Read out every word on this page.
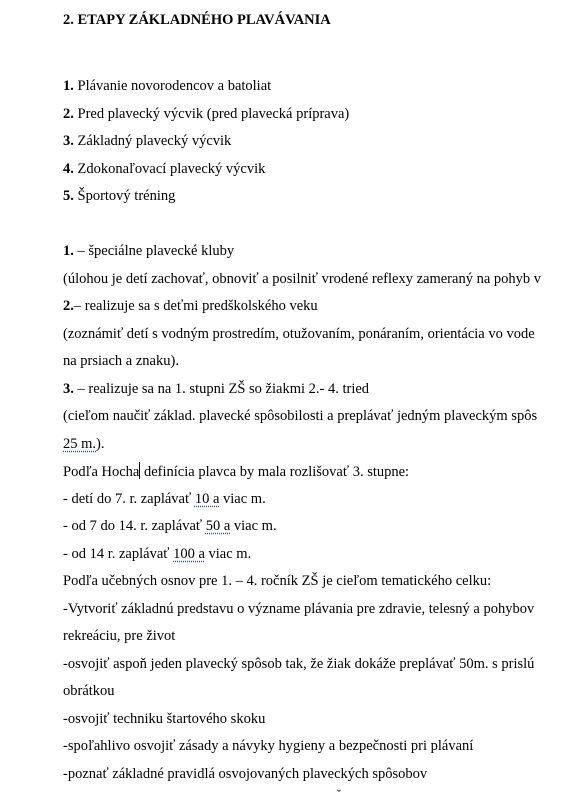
2. ETAPY ZÁKLADNÉHO PLAVÁVANIA
1. Plávanie novorodencov a batoliat
2. Pred plavecký výcvik (pred plavecká príprava)
3. Základný plavecký výcvik
4. Zdokonaľovací plavecký výcvik
5. Športový tréning
1. – špeciálne plavecké kluby
(úlohou je detí zachovať, obnoviť a posilniť vrodené reflexy zameraný na pohyb v
2.– realizuje sa s deťmi predškolského veku
(zoznámiť detí s vodným prostredím, otužovaním, ponáraním, orientácia vo vode
na prsiach a znaku).
3. – realizuje sa na 1. stupni ZŠ so žiakmi 2.- 4. tried
(cieľom naučiť základ. plavecké spôsobilosti a preplávať jedným plaveckým spôs
25 m.).
Podľa Hocha definícia plavca by mala rozlišovať 3. stupne:
- detí do 7. r. zaplávať 10 a viac m.
- od 7 do 14. r. zaplávať 50 a viac m.
- od 14 r. zaplávať 100 a viac m.
Podľa učebných osnov pre 1. – 4. ročník ZŠ je cieľom tematického celku:
-Vytvoriť základnú predstavu o význame plávania pre zdravie, telesný a pohybov
rekreáciu, pre život
-osvojiť aspoň jeden plavecký spôsob tak, že žiak dokáže preplávať 50m. s prislú
obrátkou
-osvojiť techniku štartového skoku
-spoľahlivo osvojiť zásady a návyky hygieny a bezpečnosti pri plávaní
-poznať základné pravidlá osvojovaných plaveckých spôsobov
ˇ
